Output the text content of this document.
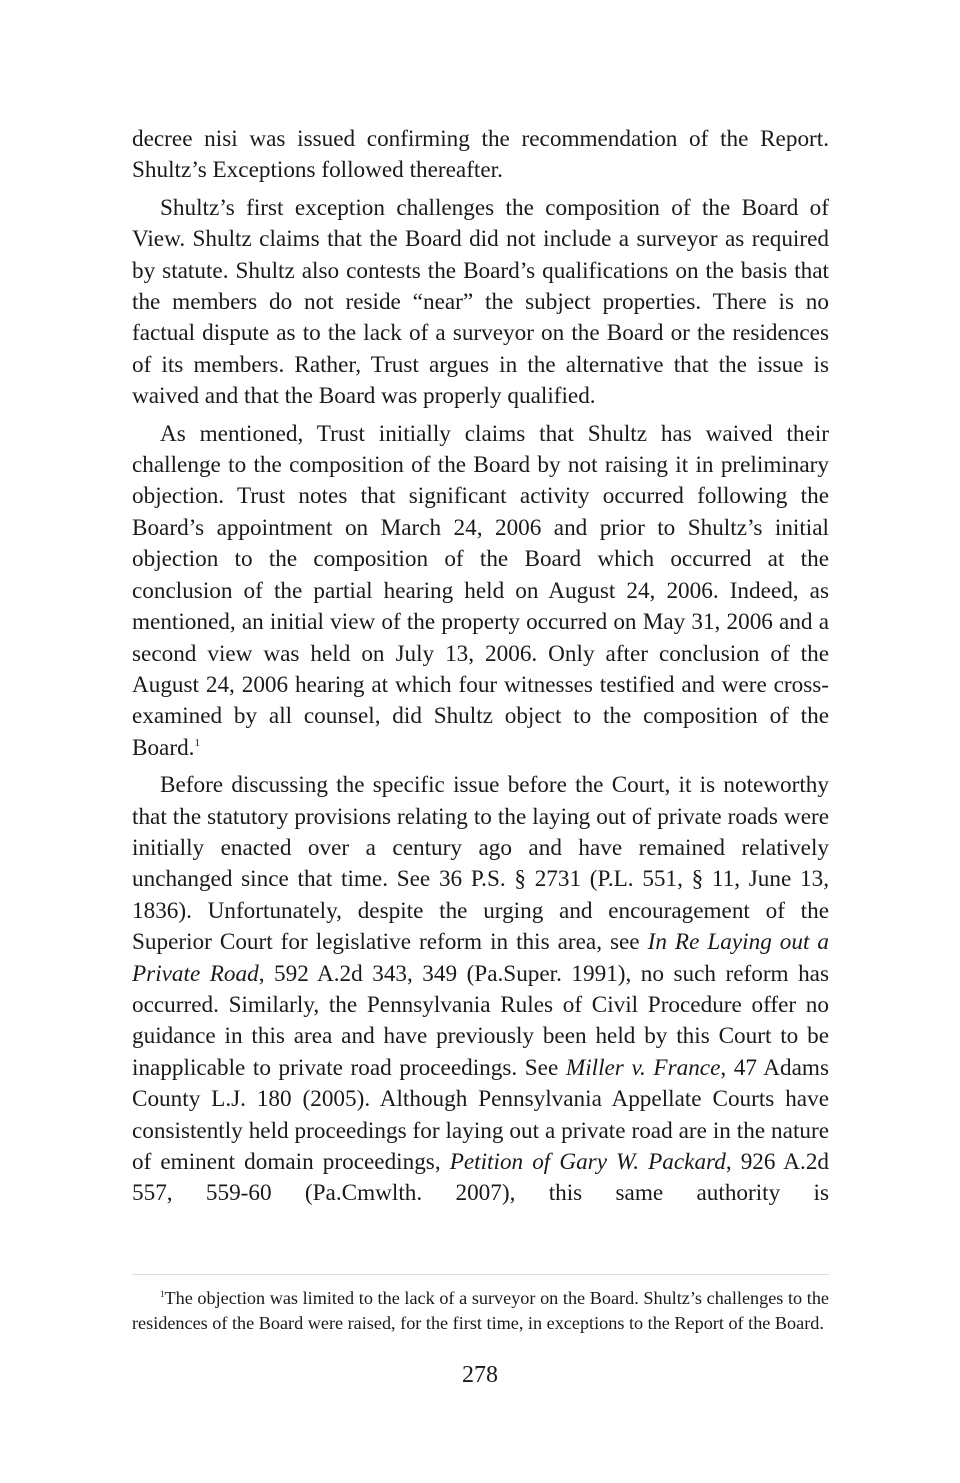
decree nisi was issued confirming the recommendation of the Report. Shultz’s Exceptions followed thereafter.

Shultz’s first exception challenges the composition of the Board of View. Shultz claims that the Board did not include a surveyor as required by statute. Shultz also contests the Board’s qualifications on the basis that the members do not reside “near” the subject properties. There is no factual dispute as to the lack of a surveyor on the Board or the residences of its members. Rather, Trust argues in the alternative that the issue is waived and that the Board was properly qualified.

As mentioned, Trust initially claims that Shultz has waived their challenge to the composition of the Board by not raising it in preliminary objection. Trust notes that significant activity occurred following the Board’s appointment on March 24, 2006 and prior to Shultz’s initial objection to the composition of the Board which occurred at the conclusion of the partial hearing held on August 24, 2006. Indeed, as mentioned, an initial view of the property occurred on May 31, 2006 and a second view was held on July 13, 2006. Only after conclusion of the August 24, 2006 hearing at which four witnesses testified and were cross-examined by all counsel, did Shultz object to the composition of the Board.$^1$

Before discussing the specific issue before the Court, it is noteworthy that the statutory provisions relating to the laying out of private roads were initially enacted over a century ago and have remained relatively unchanged since that time. See 36 P.S. § 2731 (P.L. 551, § 11, June 13, 1836). Unfortunately, despite the urging and encouragement of the Superior Court for legislative reform in this area, see In Re Laying out a Private Road, 592 A.2d 343, 349 (Pa.Super. 1991), no such reform has occurred. Similarly, the Pennsylvania Rules of Civil Procedure offer no guidance in this area and have previously been held by this Court to be inapplicable to private road proceedings. See Miller v. France, 47 Adams County L.J. 180 (2005). Although Pennsylvania Appellate Courts have consistently held proceedings for laying out a private road are in the nature of eminent domain proceedings, Petition of Gary W. Packard, 926 A.2d 557, 559-60 (Pa.Cmwlth. 2007), this same authority is

$^1$The objection was limited to the lack of a surveyor on the Board. Shultz’s challenges to the residences of the Board were raised, for the first time, in exceptions to the Report of the Board.

278
